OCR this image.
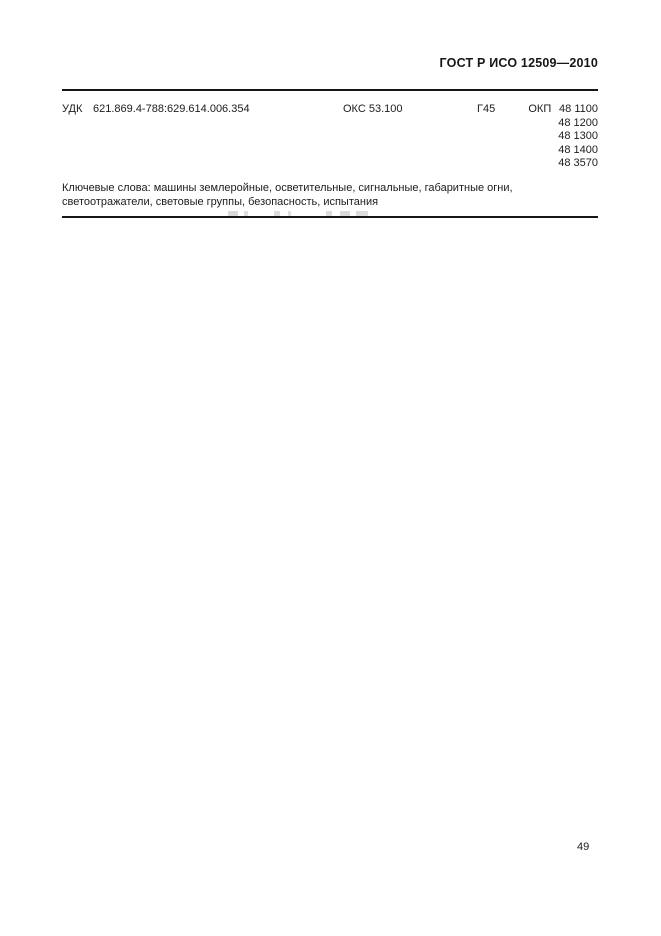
ГОСТ Р ИСО 12509—2010
УДК 621.869.4-788:629.614.006.354	ОКС 53.100	Г45	ОКП 48 1100
48 1200
48 1300
48 1400
48 3570
Ключевые слова: машины землеройные, осветительные, сигнальные, габаритные огни, светоотражатели, световые группы, безопасность, испытания
49
